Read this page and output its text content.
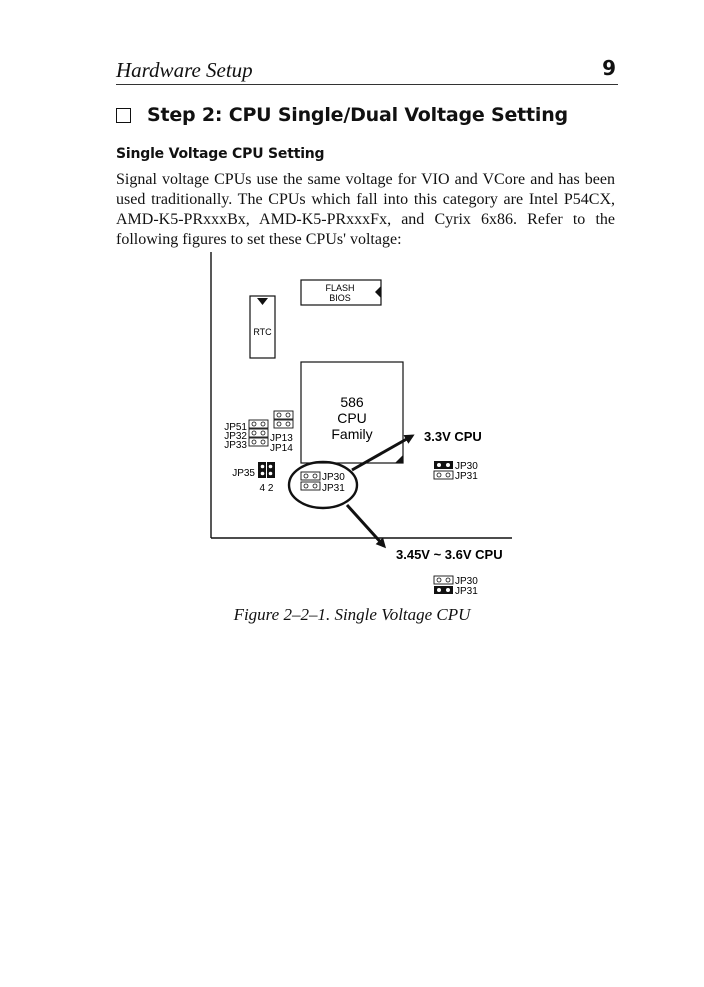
Hardware Setup	9
Step 2: CPU Single/Dual Voltage Setting
Single Voltage CPU Setting
Signal voltage CPUs use the same voltage for VIO and VCore and has been used traditionally. The CPUs which fall into this category are Intel P54CX, AMD-K5-PRxxxBx, AMD-K5-PRxxxFx, and Cyrix 6x86. Refer to the following figures to set these CPUs' voltage:
FLASH
BIOS
RTC
586
CPU
Family
JP51
JP32
JP33
JP13
JP14
JP35
4 2
JP30
JP31
3.3V CPU
JP30
JP31
3.45V ~ 3.6V CPU
JP30
JP31
Figure 2–2–1. Single Voltage CPU
